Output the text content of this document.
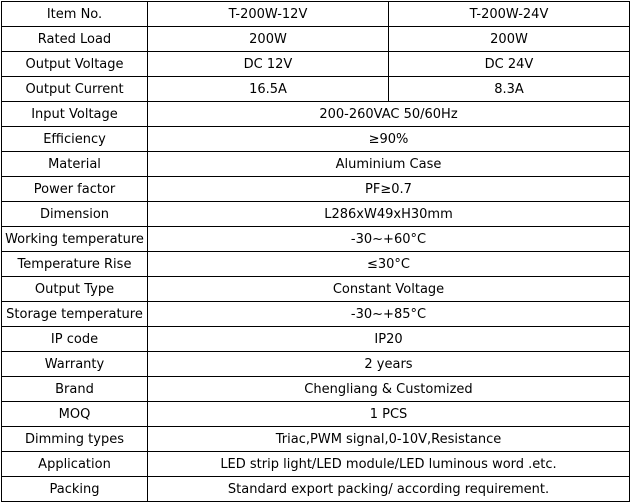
Item No.	T-200W-12V	T-200W-24V
Rated Load	200W	200W
Output Voltage	DC 12V	DC 24V
Output Current	16.5A	8.3A
Input Voltage	200-260VAC 50/60Hz	
Efficiency	≥90%	
Material	Aluminium Case	
Power factor	PF≥0.7	
Dimension	L286xW49xH30mm	
Working temperature	-30~+60°C	
Temperature Rise	≤30°C	
Output Type	Constant Voltage	
Storage temperature	-30~+85°C	
IP code	IP20	
Warranty	2 years	
Brand	Chengliang & Customized	
MOQ	1 PCS	
Dimming types	Triac,PWM signal,0-10V,Resistance	
Application	LED strip light/LED module/LED luminous word .etc.	
Packing	Standard export packing/ according requirement.	
